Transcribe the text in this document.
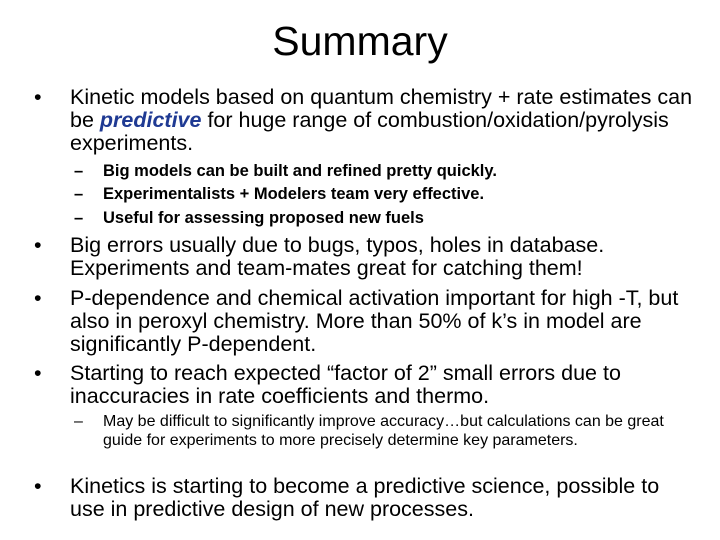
Summary
•	Kinetic models based on quantum chemistry + rate estimates can be predictive for huge range of combustion/oxidation/pyrolysis experiments.
– Big models can be built and refined pretty quickly.
– Experimentalists + Modelers team very effective.
– Useful for assessing proposed new fuels
•	Big errors usually due to bugs, typos, holes in database. Experiments and team-mates great for catching them!
•	P-dependence and chemical activation important for high -T, but also in peroxyl chemistry. More than 50% of k’s in model are significantly P-dependent.
•	Starting to reach expected “factor of 2” small errors due to inaccuracies in rate coefficients and thermo.
– May be difficult to significantly improve accuracy…but calculations can be great guide for experiments to more precisely determine key parameters.
•	Kinetics is starting to become a predictive science, possible to use in predictive design of new processes.
